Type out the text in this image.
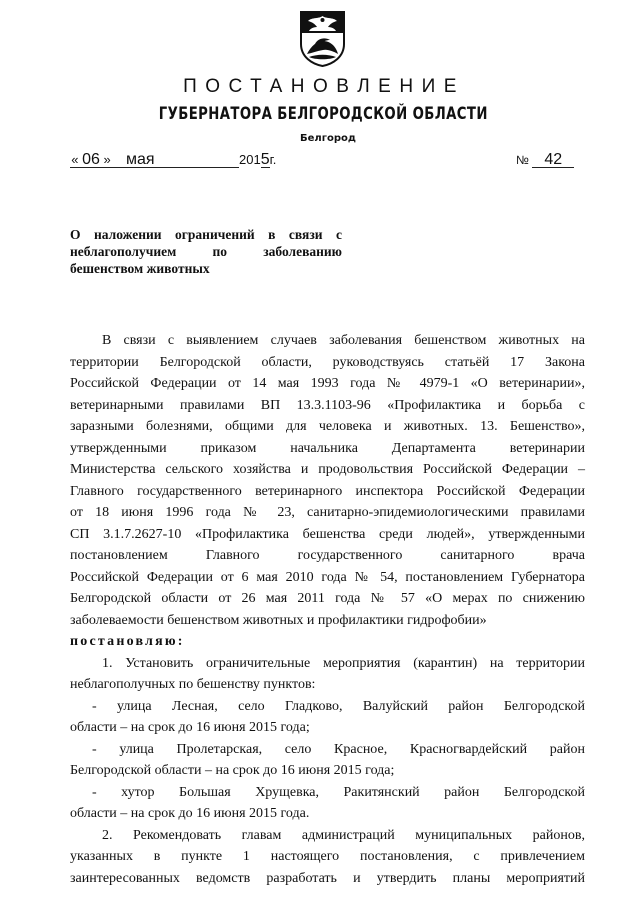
ПОСТАНОВЛЕНИЕ
ГУБЕРНАТОРА БЕЛГОРОДСКОЙ ОБЛАСТИ
Белгород
« 06 » мая	2015г.	№ 42
О наложении ограничений в связи с
неблагополучием по заболеванию
бешенством животных
В связи с выявлением случаев заболевания бешенством животных на
территории Белгородской области, руководствуясь статьёй 17 Закона
Российской Федерации от 14 мая 1993 года № 4979-1 «О ветеринарии»,
ветеринарными правилами ВП 13.3.1103-96 «Профилактика и борьба с
заразными болезнями, общими для человека и животных. 13. Бешенство»,
утвержденными приказом начальника Департамента ветеринарии
Министерства сельского хозяйства и продовольствия Российской Федерации –
Главного государственного ветеринарного инспектора Российской Федерации
от 18 июня 1996 года № 23, санитарно-эпидемиологическими правилами
СП 3.1.7.2627-10 «Профилактика бешенства среди людей», утвержденными
постановлением Главного государственного санитарного врача
Российской Федерации от 6 мая 2010 года № 54, постановлением Губернатора
Белгородской области от 26 мая 2011 года № 57 «О мерах по снижению
заболеваемости бешенством животных и профилактики гидрофобии»
постановляю:
1. Установить ограничительные мероприятия (карантин) на территории
неблагополучных по бешенству пунктов:
- улица Лесная, село Гладково, Валуйский район Белгородской
области – на срок до 16 июня 2015 года;
- улица Пролетарская, село Красное, Красногвардейский район
Белгородской области – на срок до 16 июня 2015 года;
- хутор Большая Хрущевка, Ракитянский район Белгородской
области – на срок до 16 июня 2015 года.
2. Рекомендовать главам администраций муниципальных районов,
указанных в пункте 1 настоящего постановления, с привлечением
заинтересованных ведомств разработать и утвердить планы мероприятий
